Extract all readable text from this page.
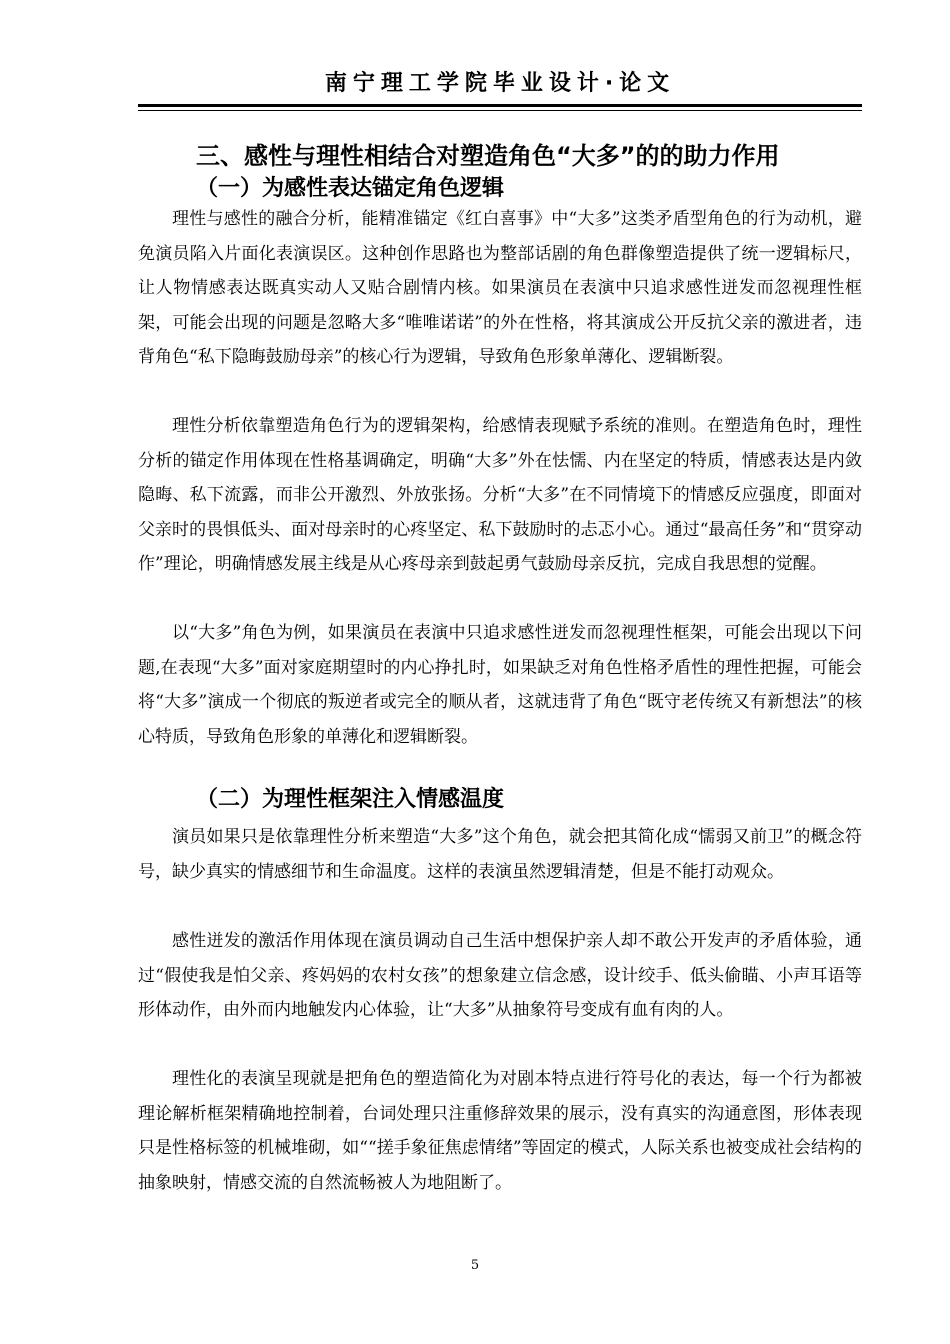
南宁理工学院毕业设计·论文
三、感性与理性相结合对塑造角色“大多”的的助力作用
（一）为感性表达锚定角色逻辑

理性与感性的融合分析，能精准锚定《红白喜事》中“大多”这类矛盾型角色的行为动机，避免演员陷入片面化表演误区。这种创作思路也为整部话剧的角色群像塑造提供了统一逻辑标尺，让人物情感表达既真实动人又贴合剧情内核。如果演员在表演中只追求感性迸发而忽视理性框架，可能会出现的问题是忽略大多“唯唯诺诺”的外在性格，将其演成公开反抗父亲的激进者，违背角色“私下隐晦鼓励母亲”的核心行为逻辑，导致角色形象单薄化、逻辑断裂。

理性分析依靠塑造角色行为的逻辑架构，给感情表现赋予系统的准则。在塑造角色时，理性分析的锚定作用体现在性格基调确定，明确“大多”外在怯懦、内在坚定的特质，情感表达是内敛隐晦、私下流露，而非公开激烈、外放张扬。分析“大多”在不同情境下的情感反应强度，即面对父亲时的畏惧低头、面对母亲时的心疼坚定、私下鼓励时的忐忑小心。通过“最高任务”和“贯穿动作”理论，明确情感发展主线是从心疼母亲到鼓起勇气鼓励母亲反抗，完成自我思想的觉醒。

以“大多”角色为例，如果演员在表演中只追求感性迸发而忽视理性框架，可能会出现以下问题,在表现“大多”面对家庭期望时的内心挣扎时，如果缺乏对角色性格矛盾性的理性把握，可能会将“大多”演成一个彻底的叛逆者或完全的顺从者，这就违背了角色“既守老传统又有新想法”的核心特质，导致角色形象的单薄化和逻辑断裂。

（二）为理性框架注入情感温度

演员如果只是依靠理性分析来塑造“大多”这个角色，就会把其简化成“懦弱又前卫”的概念符号，缺少真实的情感细节和生命温度。这样的表演虽然逻辑清楚，但是不能打动观众。

感性迸发的激活作用体现在演员调动自己生活中想保护亲人却不敢公开发声的矛盾体验，通过“假使我是怕父亲、疼妈妈的农村女孩”的想象建立信念感，设计绞手、低头偷瞄、小声耳语等形体动作，由外而内地触发内心体验，让“大多”从抽象符号变成有血有肉的人。

理性化的表演呈现就是把角色的塑造简化为对剧本特点进行符号化的表达，每一个行为都被理论解析框架精确地控制着，台词处理只注重修辞效果的展示，没有真实的沟通意图，形体表现只是性格标签的机械堆砌，如““搓手象征焦虑情绪”等固定的模式，人际关系也被变成社会结构的抽象映射，情感交流的自然流畅被人为地阻断了。

5
